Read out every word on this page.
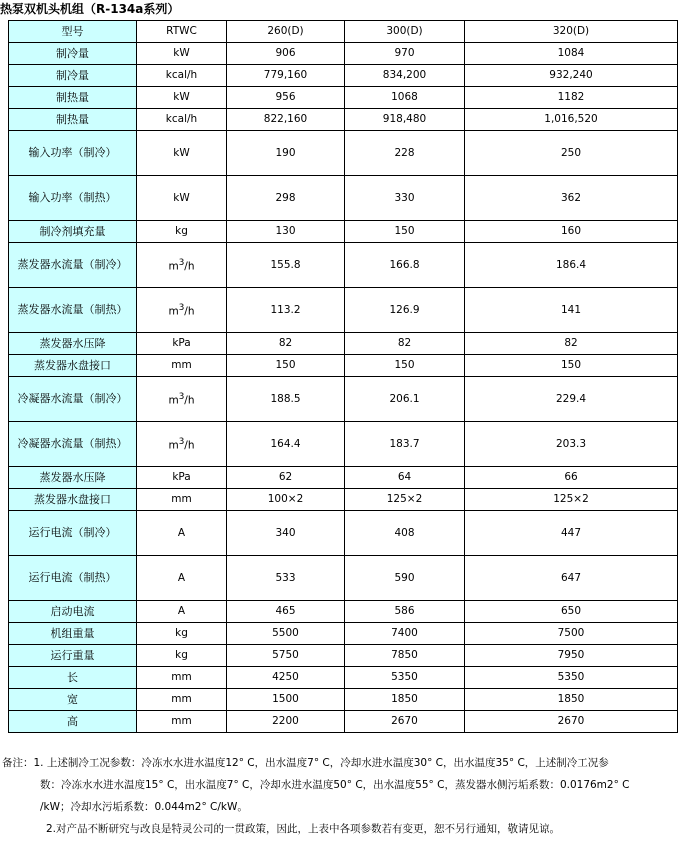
热泵双机头机组（R-134a系列）
型号	RTWC	260(D)	300(D)	320(D)
制冷量	kW	906	970	1084
制冷量	kcal/h	779,160	834,200	932,240
制热量	kW	956	1068	1182
制热量	kcal/h	822,160	918,480	1,016,520
输入功率（制冷）	kW	190	228	250
输入功率（制热）	kW	298	330	362
制冷剂填充量	kg	130	150	160
蒸发器水流量（制冷）	$m^3/h$	155.8	166.8	186.4
蒸发器水流量（制热）	$m^3/h$	113.2	126.9	141
蒸发器水压降	kPa	82	82	82
蒸发器水盘接口	mm	150	150	150
冷凝器水流量（制冷）	$m^3/h$	188.5	206.1	229.4
冷凝器水流量（制热）	$m^3/h$	164.4	183.7	203.3
蒸发器水压降	kPa	62	64	66
蒸发器水盘接口	mm	100×2	125×2	125×2
运行电流（制冷）	A	340	408	447
运行电流（制热）	A	533	590	647
启动电流	A	465	586	650
机组重量	kg	5500	7400	7500
运行重量	kg	5750	7850	7950
长	mm	4250	5350	5350
宽	mm	1500	1850	1850
高	mm	2200	2670	2670
备注：1. 上述制冷工况参数：冷冻水水进水温度12° C，出水温度7° C，冷却水进水温度30° C，出水温度35° C，上述制冷工况参
数：冷冻水水进水温度15° C，出水温度7° C，冷却水进水温度50° C，出水温度55° C，蒸发器水侧污垢系数：0.0176m2° C
/kW；冷却水污垢系数：0.044m2° C/kW。
2.对产品不断研究与改良是特灵公司的一贯政策，因此，上表中各项参数若有变更，恕不另行通知，敬请见谅。
